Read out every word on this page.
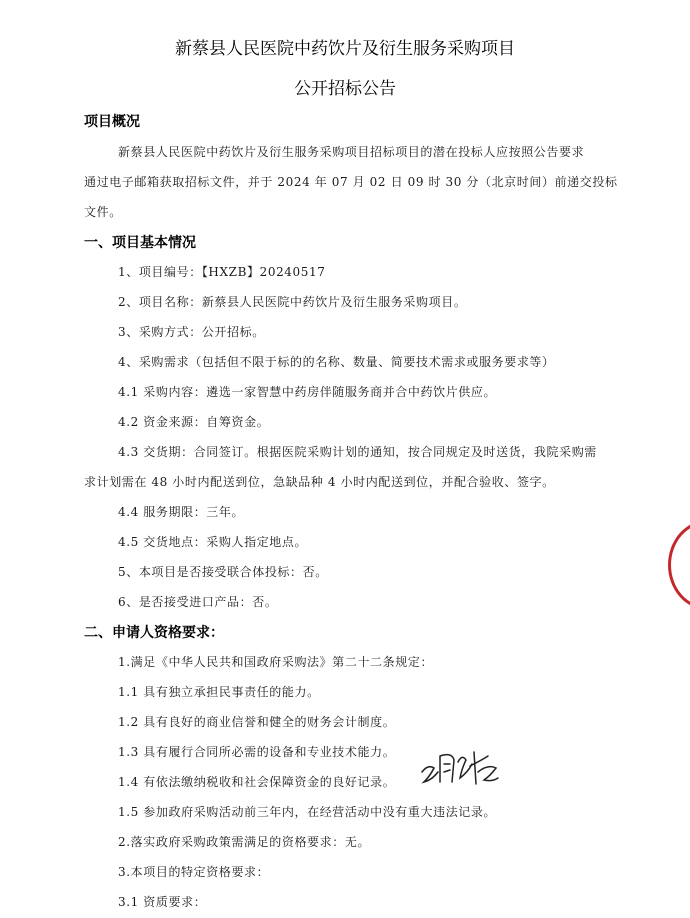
新蔡县人民医院中药饮片及衍生服务采购项目
公开招标公告
项目概况
新蔡县人民医院中药饮片及衍生服务采购项目招标项目的潜在投标人应按照公告要求
通过电子邮箱获取招标文件，并于 2024 年 07 月 02 日 09 时 30 分（北京时间）前递交投标
文件。
一、项目基本情况
1、项目编号：【HXZB】20240517
2、项目名称：新蔡县人民医院中药饮片及衍生服务采购项目。
3、采购方式：公开招标。
4、采购需求（包括但不限于标的的名称、数量、简要技术需求或服务要求等）
4.1 采购内容：遴选一家智慧中药房伴随服务商并合中药饮片供应。
4.2 资金来源：自筹资金。
4.3 交货期：合同签订。根据医院采购计划的通知，按合同规定及时送货，我院采购需
求计划需在 48 小时内配送到位，急缺品种 4 小时内配送到位，并配合验收、签字。
4.4 服务期限：三年。
4.5 交货地点：采购人指定地点。
5、本项目是否接受联合体投标：否。
6、是否接受进口产品：否。
二、申请人资格要求：
1.满足《中华人民共和国政府采购法》第二十二条规定：
1.1 具有独立承担民事责任的能力。
1.2 具有良好的商业信誉和健全的财务会计制度。
1.3 具有履行合同所必需的设备和专业技术能力。
1.4 有依法缴纳税收和社会保障资金的良好记录。
1.5 参加政府采购活动前三年内，在经营活动中没有重大违法记录。
2.落实政府采购政策需满足的资格要求：无。
3.本项目的特定资格要求：
3.1 资质要求：
